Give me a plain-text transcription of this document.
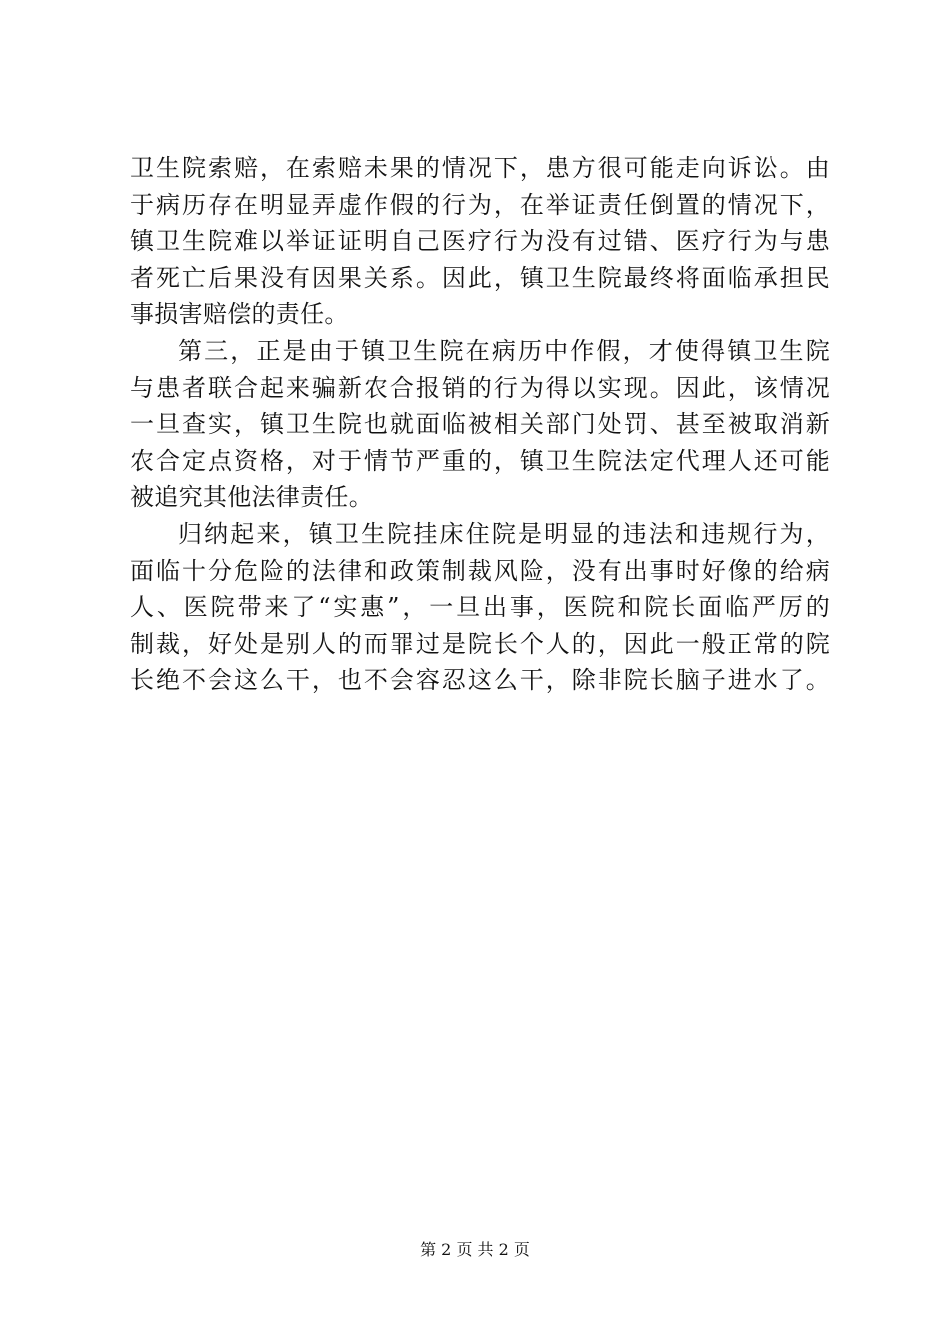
卫生院索赔，在索赔未果的情况下，患方很可能走向诉讼。由
于病历存在明显弄虚作假的行为，在举证责任倒置的情况下，
镇卫生院难以举证证明自己医疗行为没有过错、医疗行为与患
者死亡后果没有因果关系。因此，镇卫生院最终将面临承担民
事损害赔偿的责任。
第三，正是由于镇卫生院在病历中作假，才使得镇卫生院
与患者联合起来骗新农合报销的行为得以实现。因此，该情况
一旦查实，镇卫生院也就面临被相关部门处罚、甚至被取消新
农合定点资格，对于情节严重的，镇卫生院法定代理人还可能
被追究其他法律责任。
归纳起来，镇卫生院挂床住院是明显的违法和违规行为，
面临十分危险的法律和政策制裁风险，没有出事时好像的给病
人、医院带来了“实惠”，一旦出事，医院和院长面临严厉的
制裁，好处是别人的而罪过是院长个人的，因此一般正常的院
长绝不会这么干，也不会容忍这么干，除非院长脑子进水了。
第 2 页 共 2 页
